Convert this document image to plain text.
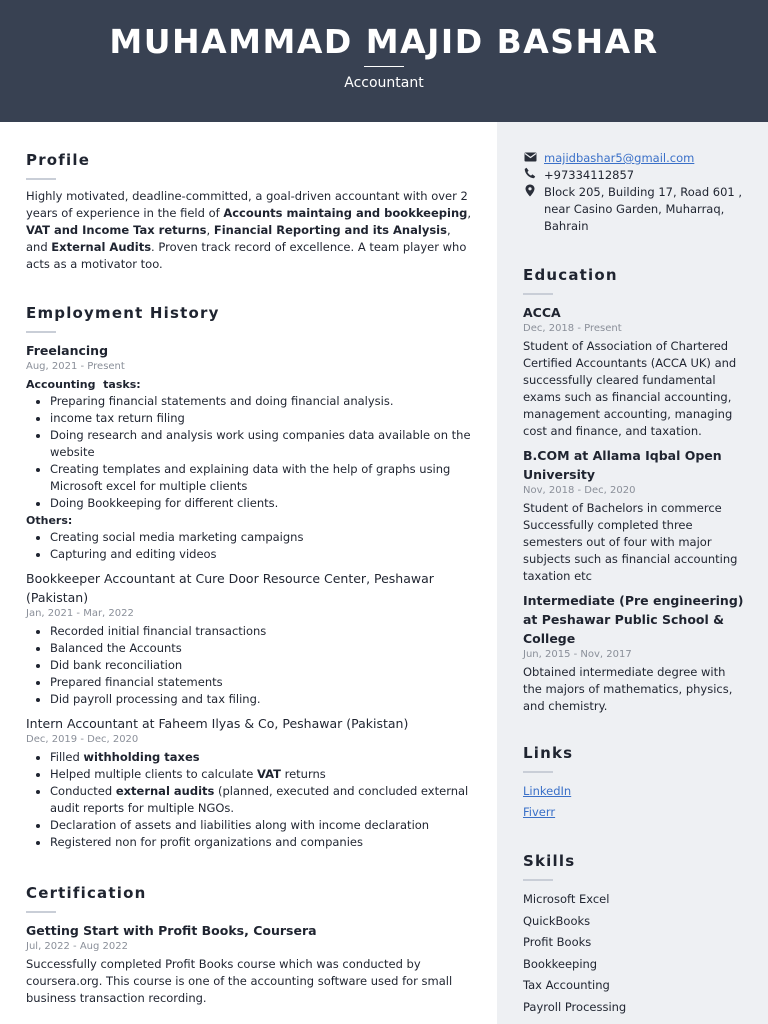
MUHAMMAD MAJID BASHAR
Accountant
Profile

Highly motivated, deadline-committed, a goal-driven accountant with over 2 years of experience in the field of Accounts maintaing and bookkeeping, VAT and Income Tax returns, Financial Reporting and its Analysis, and External Audits. Proven track record of excellence. A team player who acts as a motivator too.

Employment History

Freelancing

Aug, 2021 - Present

Accounting  tasks:

• Preparing financial statements and doing financial analysis.
• income tax return filing
• Doing research and analysis work using companies data available on the website
• Creating templates and explaining data with the help of graphs using Microsoft excel for multiple clients
• Doing Bookkeeping for different clients.

Others:

• Creating social media marketing campaigns
• Capturing and editing videos

Bookkeeper Accountant at Cure Door Resource Center, Peshawar (Pakistan)

Jan, 2021 - Mar, 2022

• Recorded initial financial transactions
• Balanced the Accounts
• Did bank reconciliation
• Prepared financial statements
• Did payroll processing and tax filing.

Intern Accountant at Faheem Ilyas & Co, Peshawar (Pakistan)

Dec, 2019 - Dec, 2020

• Filled withholding taxes
• Helped multiple clients to calculate VAT returns
• Conducted external audits (planned, executed and concluded external audit reports for multiple NGOs.
• Declaration of assets and liabilities along with income declaration
• Registered non for profit organizations and companies
Certification

Getting Start with Profit Books, Coursera

Jul, 2022 - Aug 2022

Successfully completed Profit Books course which was conducted by coursera.org. This course is one of the accounting software used for small business transaction recording.

majidbashar5@gmail.com
+97334112857
Block 205, Building 17, Road 601 , near Casino Garden, Muharraq, Bahrain
Education

ACCA

Dec, 2018 - Present

Student of Association of Chartered Certified Accountants (ACCA UK) and successfully cleared fundamental exams such as financial accounting, management accounting, managing cost and finance, and taxation.

B.COM at Allama Iqbal Open University

Nov, 2018 - Dec, 2020

Student of Bachelors in commerce Successfully completed three semesters out of four with major subjects such as financial accounting taxation etc

Intermediate (Pre engineering) at Peshawar Public School & College

Jun, 2015 - Nov, 2017

Obtained intermediate degree with the majors of mathematics, physics, and chemistry.

Links
LinkedIn
Fiverr
Skills

Microsoft Excel

QuickBooks

Profit Books

Bookkeeping

Tax Accounting

Payroll Processing
